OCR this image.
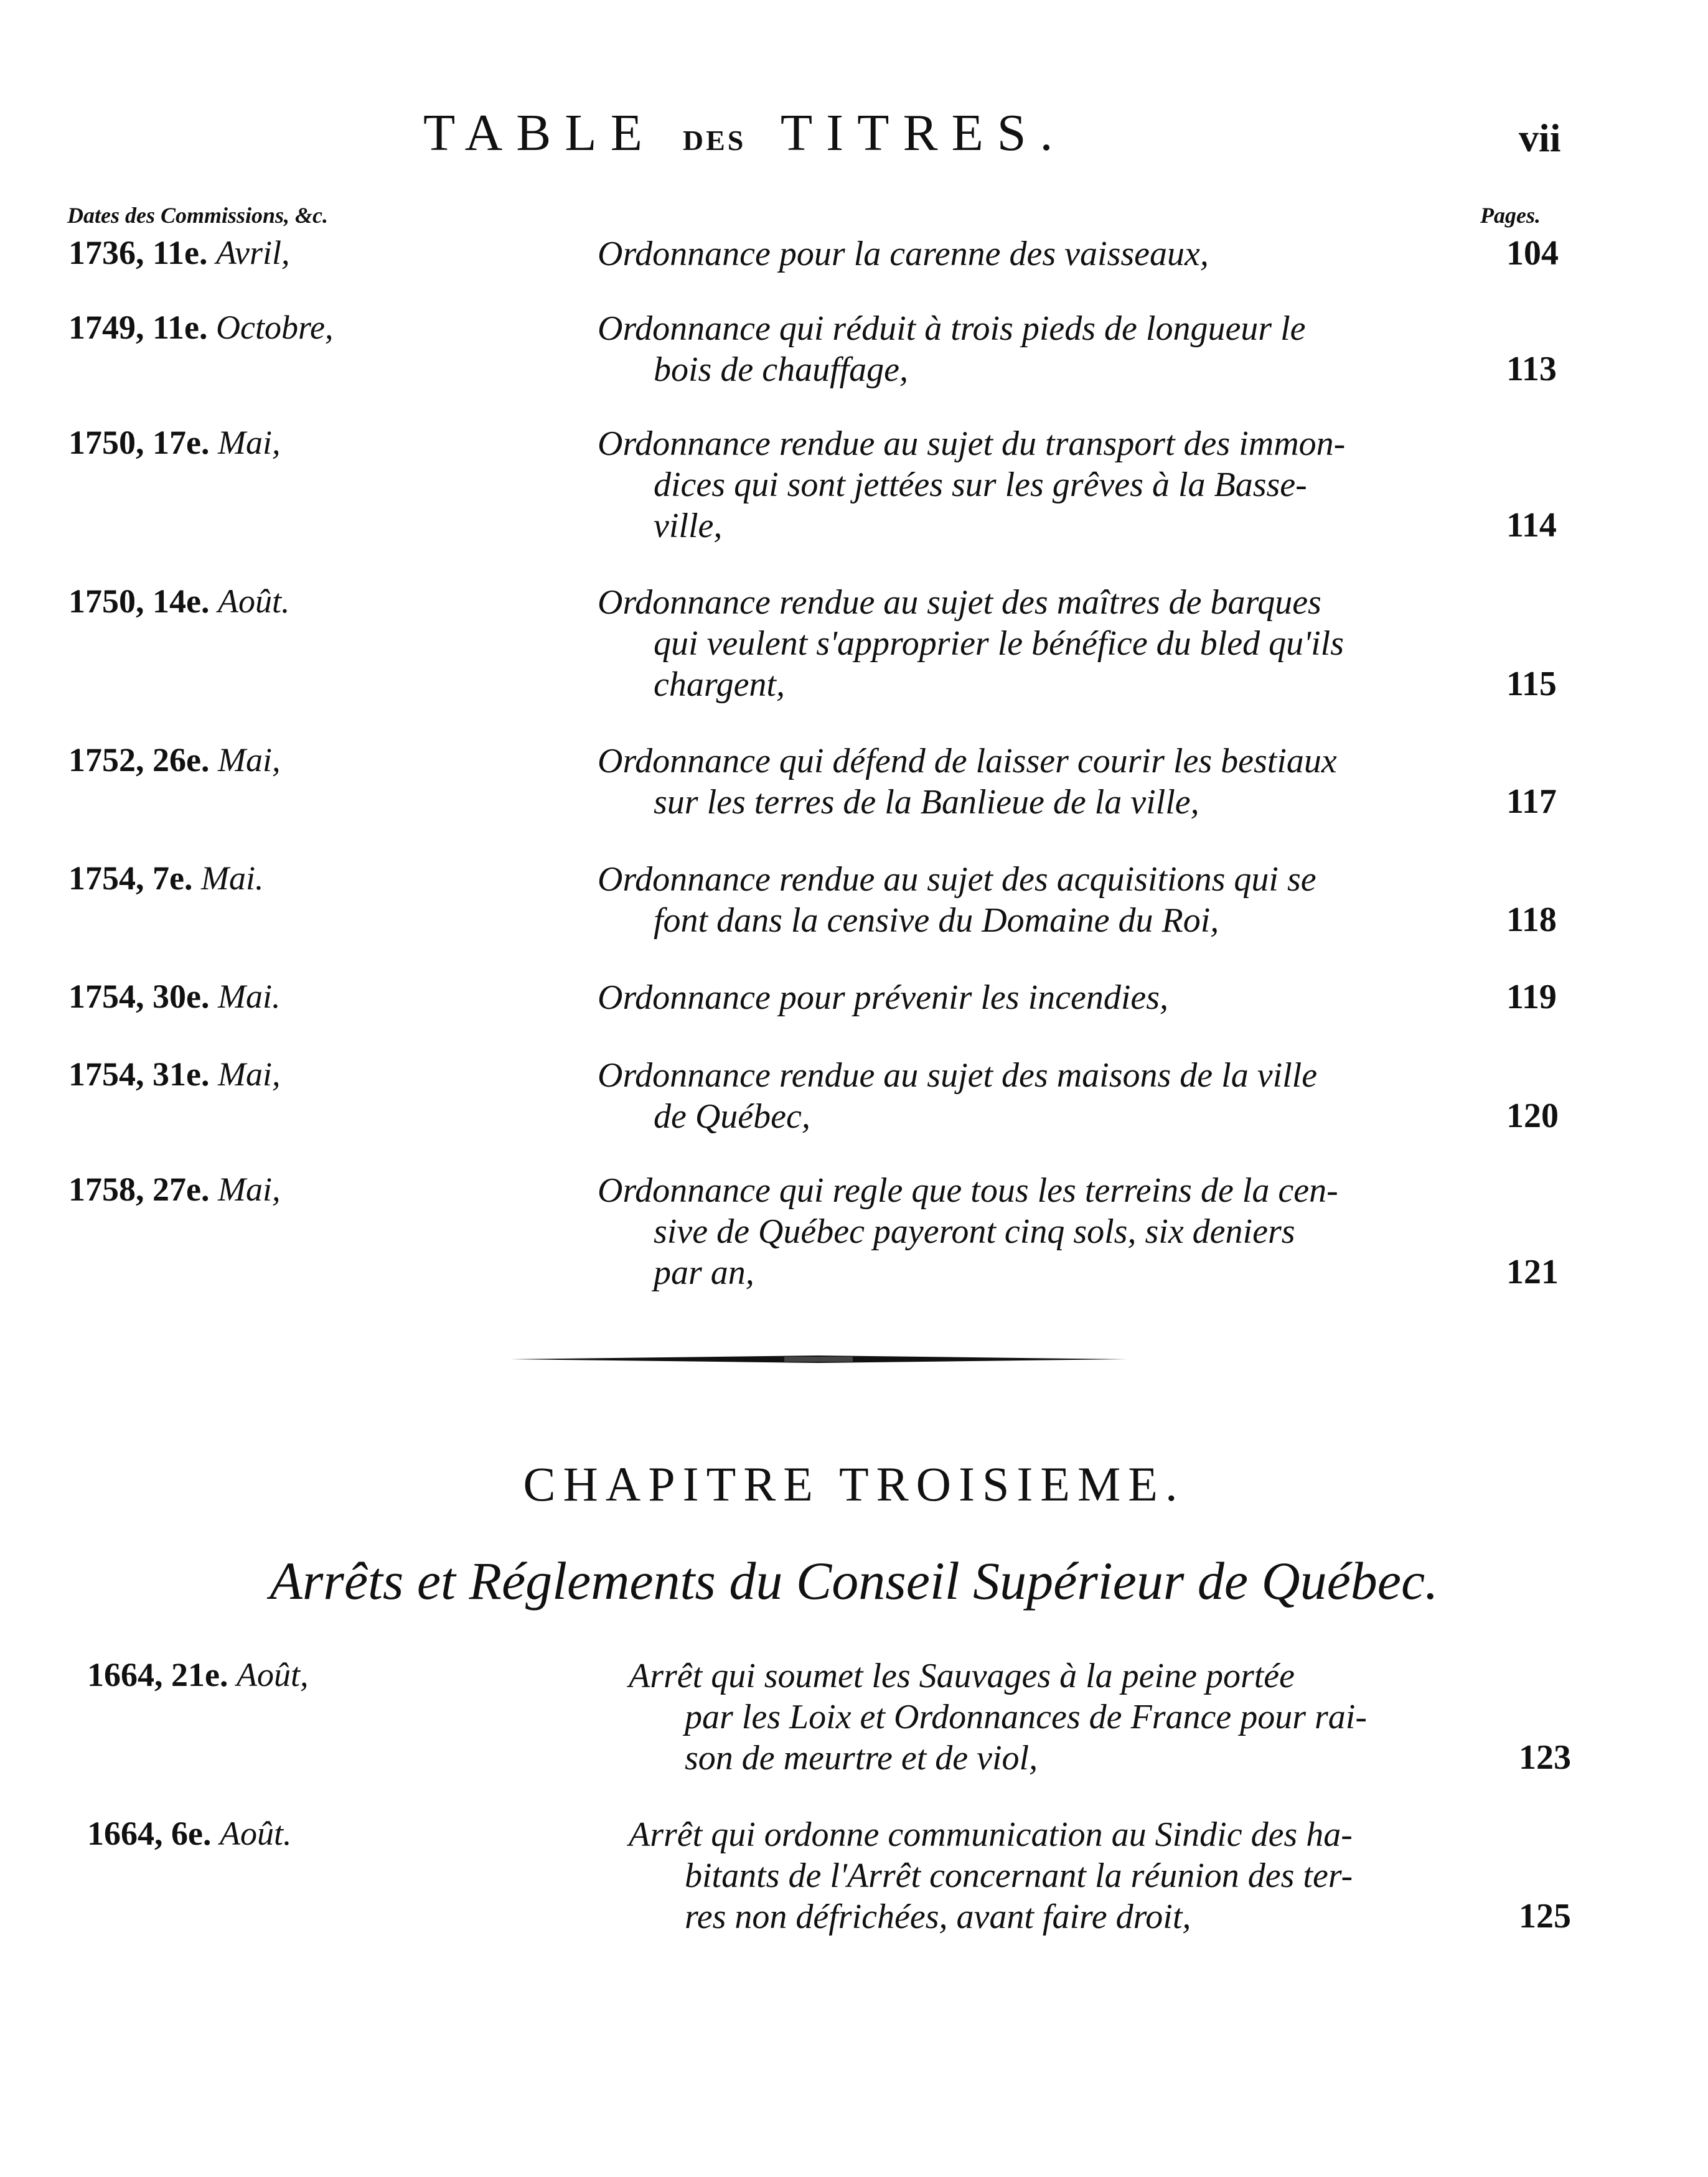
TABLE DES TITRES.	vii
Dates des Commissions, &c.	Pages.
1736, 11e. Avril,	Ordonnance pour la carenne des vaisseaux,	104
1749, 11e. Octobre,	Ordonnance qui réduit à trois pieds de longueur le
bois de chauffage,	113
1750, 17e. Mai,	Ordonnance rendue au sujet du transport des immon-
dices qui sont jettées sur les grêves à la Basse-
ville,	114
1750, 14e. Août.	Ordonnance rendue au sujet des maîtres de barques
qui veulent s'approprier le bénéfice du bled qu'ils
chargent,	115
1752, 26e. Mai,	Ordonnance qui défend de laisser courir les bestiaux
sur les terres de la Banlieue de la ville,	117
1754, 7e. Mai.	Ordonnance rendue au sujet des acquisitions qui se
font dans la censive du Domaine du Roi,	118
1754, 30e. Mai.	Ordonnance pour prévenir les incendies,	119
1754, 31e. Mai,	Ordonnance rendue au sujet des maisons de la ville
de Québec,	120
1758, 27e. Mai,	Ordonnance qui regle que tous les terreins de la cen-
sive de Québec payeront cinq sols, six deniers
par an,	121
CHAPITRE TROISIEME.
Arrêts et Réglements du Conseil Supérieur de Québec.
1664, 21e. Août,	Arrêt qui soumet les Sauvages à la peine portée
par les Loix et Ordonnances de France pour rai-
son de meurtre et de viol,	123
1664, 6e. Août.	Arrêt qui ordonne communication au Sindic des ha-
bitants de l'Arrêt concernant la réunion des ter-
res non défrichées, avant faire droit,	125
